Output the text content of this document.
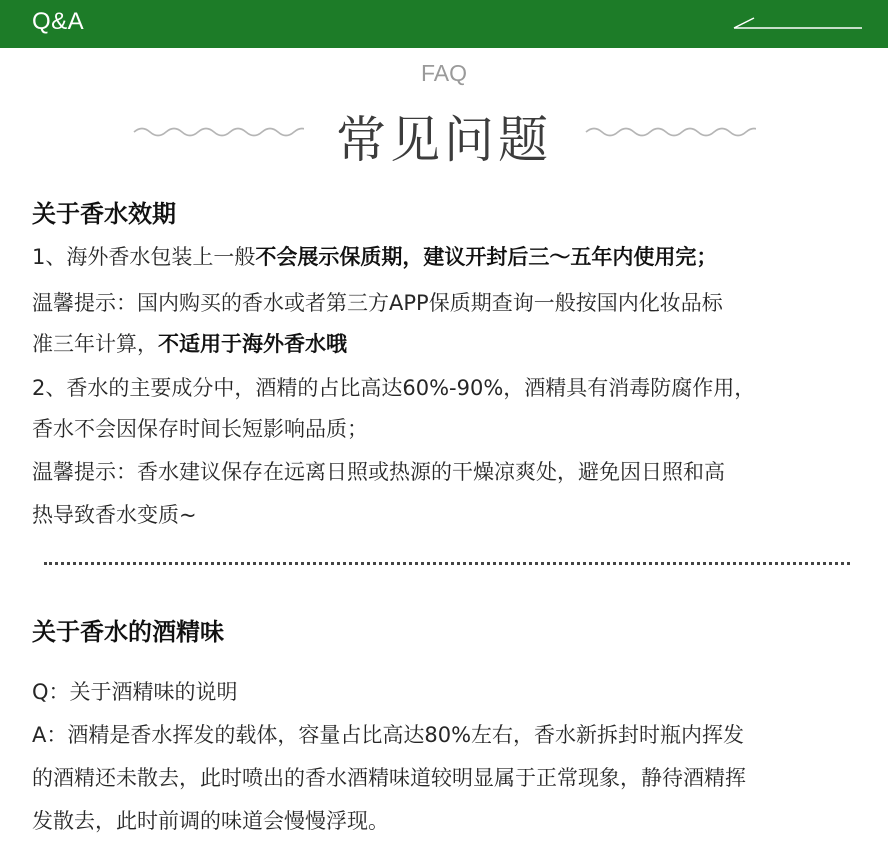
Q&A
FAQ
常见问题
关于香水效期
1、海外香水包装上一般不会展示保质期，建议开封后三～五年内使用完；
温馨提示：国内购买的香水或者第三方APP保质期查询一般按国内化妆品标
准三年计算，不适用于海外香水哦
2、香水的主要成分中，酒精的占比高达60%-90%，酒精具有消毒防腐作用，
香水不会因保存时间长短影响品质；
温馨提示：香水建议保存在远离日照或热源的干燥凉爽处，避免因日照和高
热导致香水变质~
关于香水的酒精味
Q：关于酒精味的说明
A：酒精是香水挥发的载体，容量占比高达80%左右，香水新拆封时瓶内挥发
的酒精还未散去，此时喷出的香水酒精味道较明显属于正常现象，静待酒精挥
发散去，此时前调的味道会慢慢浮现。
